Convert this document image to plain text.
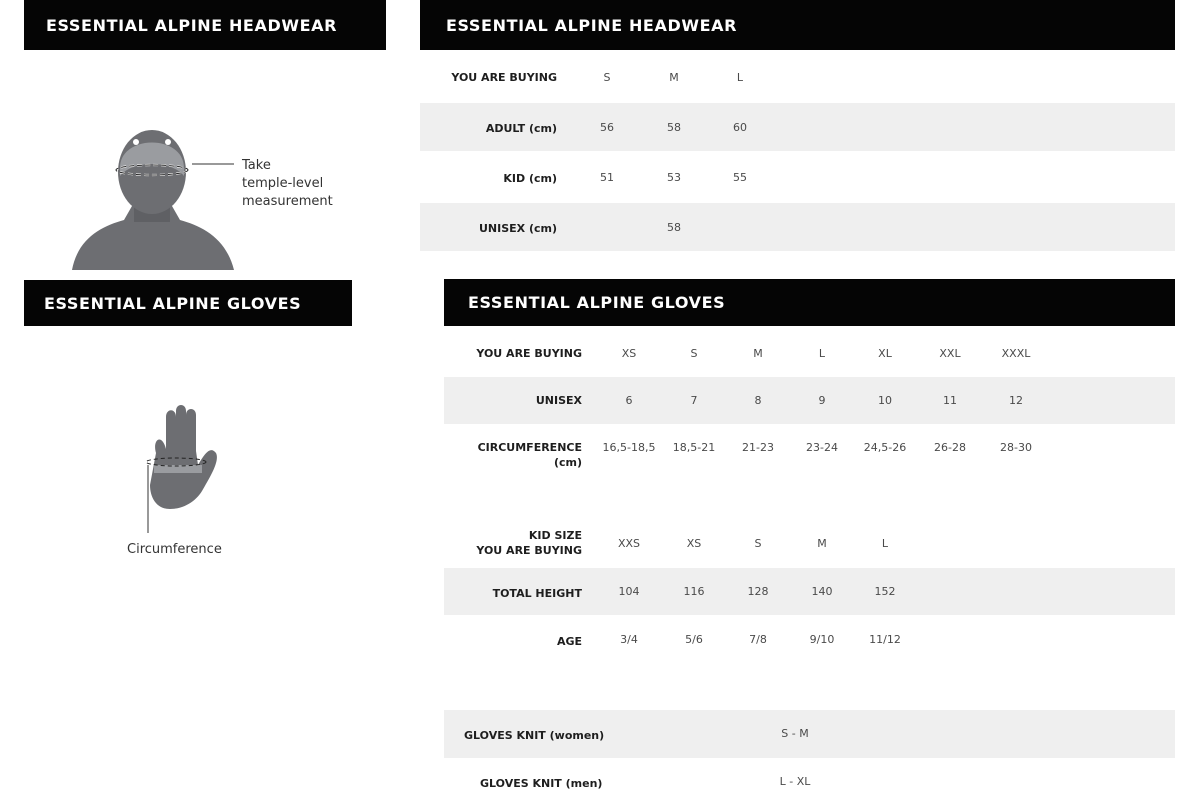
ESSENTIAL ALPINE HEADWEAR
Take
temple-level
measurement
ESSENTIAL ALPINE GLOVES
Circumference
ESSENTIAL ALPINE HEADWEAR
YOU ARE BUYING	S	M	L
ADULT (cm)	56	58	60
KID (cm)	51	53	55
UNISEX (cm)	58
ESSENTIAL ALPINE GLOVES
YOU ARE BUYING	XS	S	M	L	XL	XXL	XXXL
UNISEX	6	7	8	9	10	11	12
CIRCUMFERENCE
(cm)
16,5-18,5 18,5-21 21-23	23-24 24,5-26	26-28	28-30
KID SIZE
YOU ARE BUYING
XXS	XS	S	M	L
TOTAL HEIGHT	104	116	128	140	152
AGE	3/4	5/6	7/8	9/10	11/12
GLOVES KNIT (women)	S - M
GLOVES KNIT (men)	L - XL
